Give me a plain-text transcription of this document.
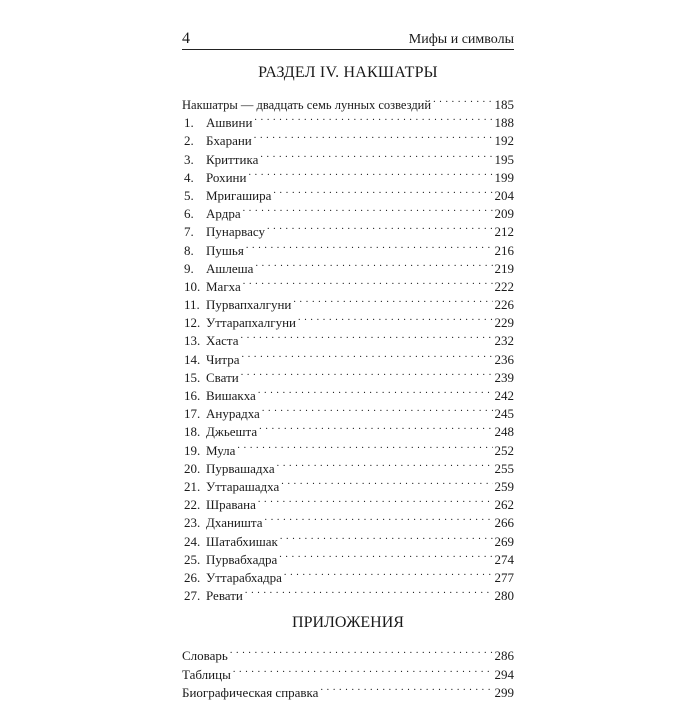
4	Мифы и символы
РАЗДЕЛ IV. НАКШАТРЫ
Накшатры — двадцать семь лунных созвездий . . .	185
1. Ашвини . . .	188
2. Бхарани . . .	192
3. Криттика . . .	195
4. Рохини . . .	199
5. Мригашира . . .	204
6. Ардра . . .	209
7. Пунарвасу . . .	212
8. Пушья . . .	216
9. Ашлеша . . .	219
10. Магха . . .	222
11. Пурвапхалгуни . . .	226
12. Уттарапхалгуни . . .	229
13. Хаста . . .	232
14. Читра . . .	236
15. Свати . . .	239
16. Вишакха . . .	242
17. Анурадха . . .	245
18. Джьешта . . .	248
19. Мула . . .	252
20. Пурвашадха . . .	255
21. Уттарашадха . . .	259
22. Шравана . . .	262
23. Дханишта . . .	266
24. Шатабхишак . . .	269
25. Пурвабхадра . . .	274
26. Уттарабхадра . . .	277
27. Ревати . . .	280
ПРИЛОЖЕНИЯ
Словарь . . .	286
Таблицы . . .	294
Биографическая справка . . .	299
